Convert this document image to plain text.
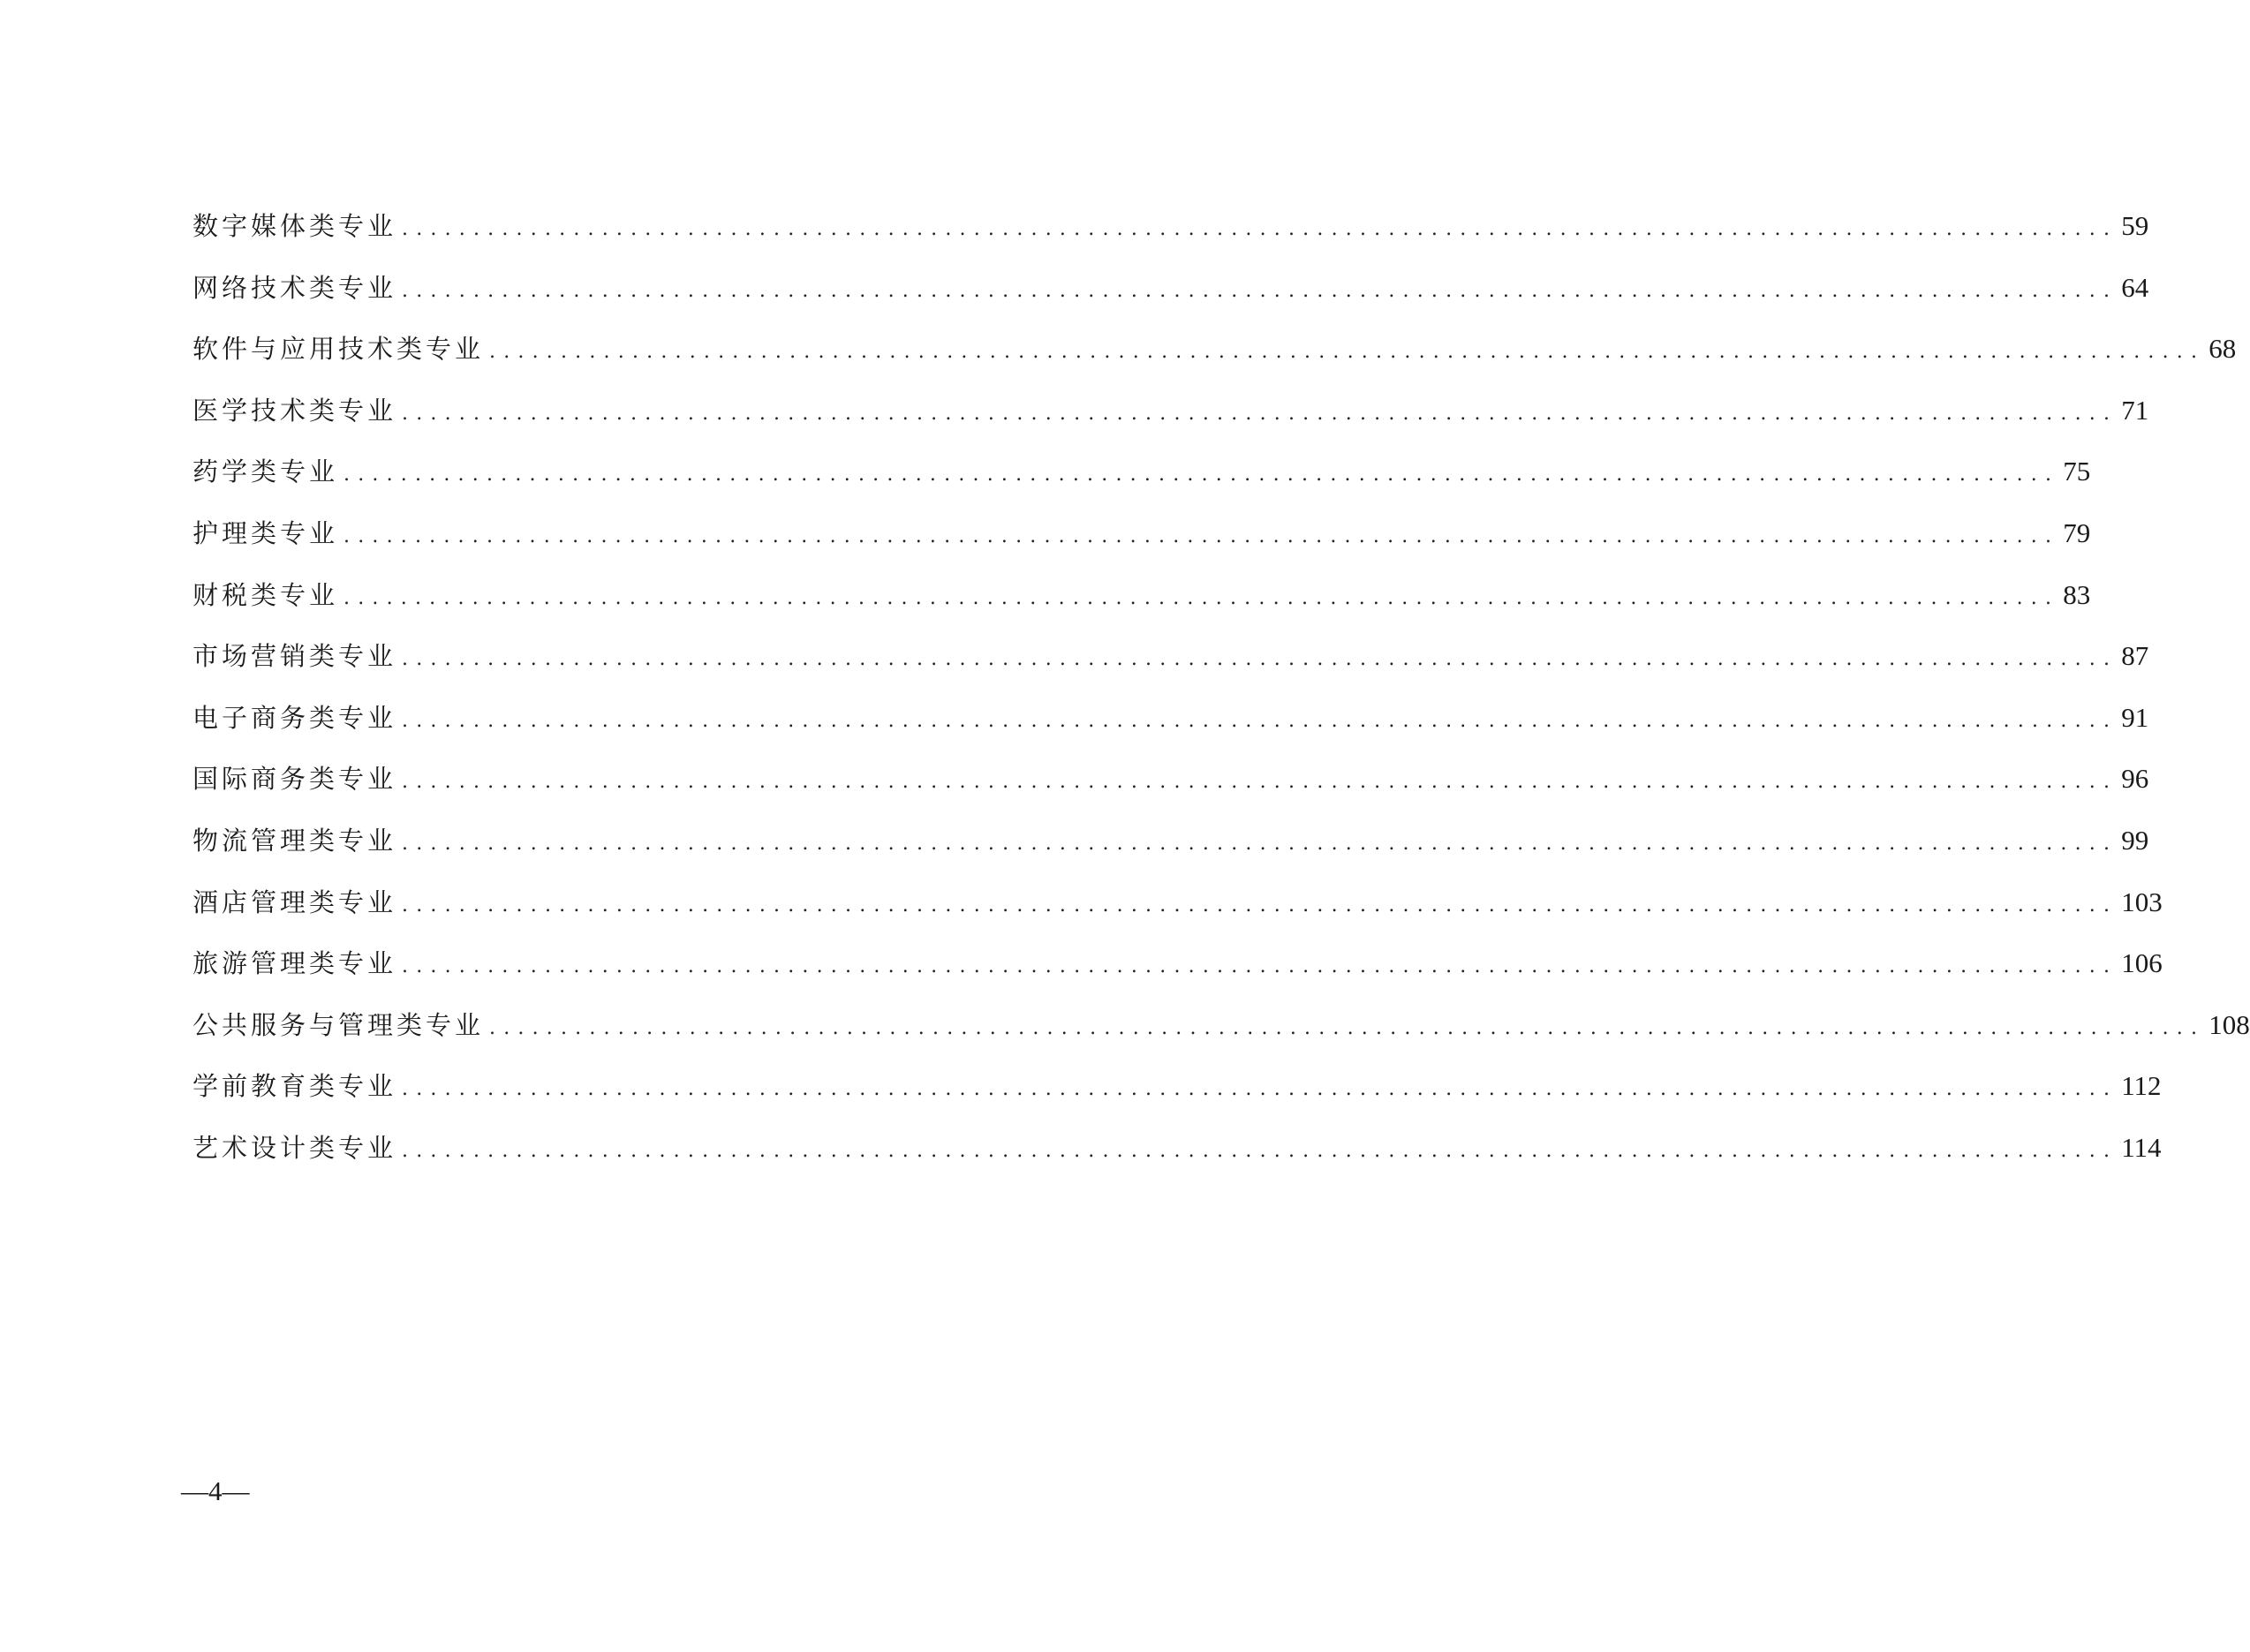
数字媒体类专业 ........................................................................................................................ 59
网络技术类专业 ........................................................................................................................ 64
软件与应用技术类专业 ........................................................................................................................ 68
医学技术类专业 ........................................................................................................................ 71
药学类专业 ........................................................................................................................ 75
护理类专业 ........................................................................................................................ 79
财税类专业 ........................................................................................................................ 83
市场营销类专业 ........................................................................................................................ 87
电子商务类专业 ........................................................................................................................ 91
国际商务类专业 ........................................................................................................................ 96
物流管理类专业 ........................................................................................................................ 99
酒店管理类专业 ........................................................................................................................ 103
旅游管理类专业 ........................................................................................................................ 106
公共服务与管理类专业 ........................................................................................................................ 108
学前教育类专业 ........................................................................................................................ 112
艺术设计类专业 ........................................................................................................................ 114
—4—
